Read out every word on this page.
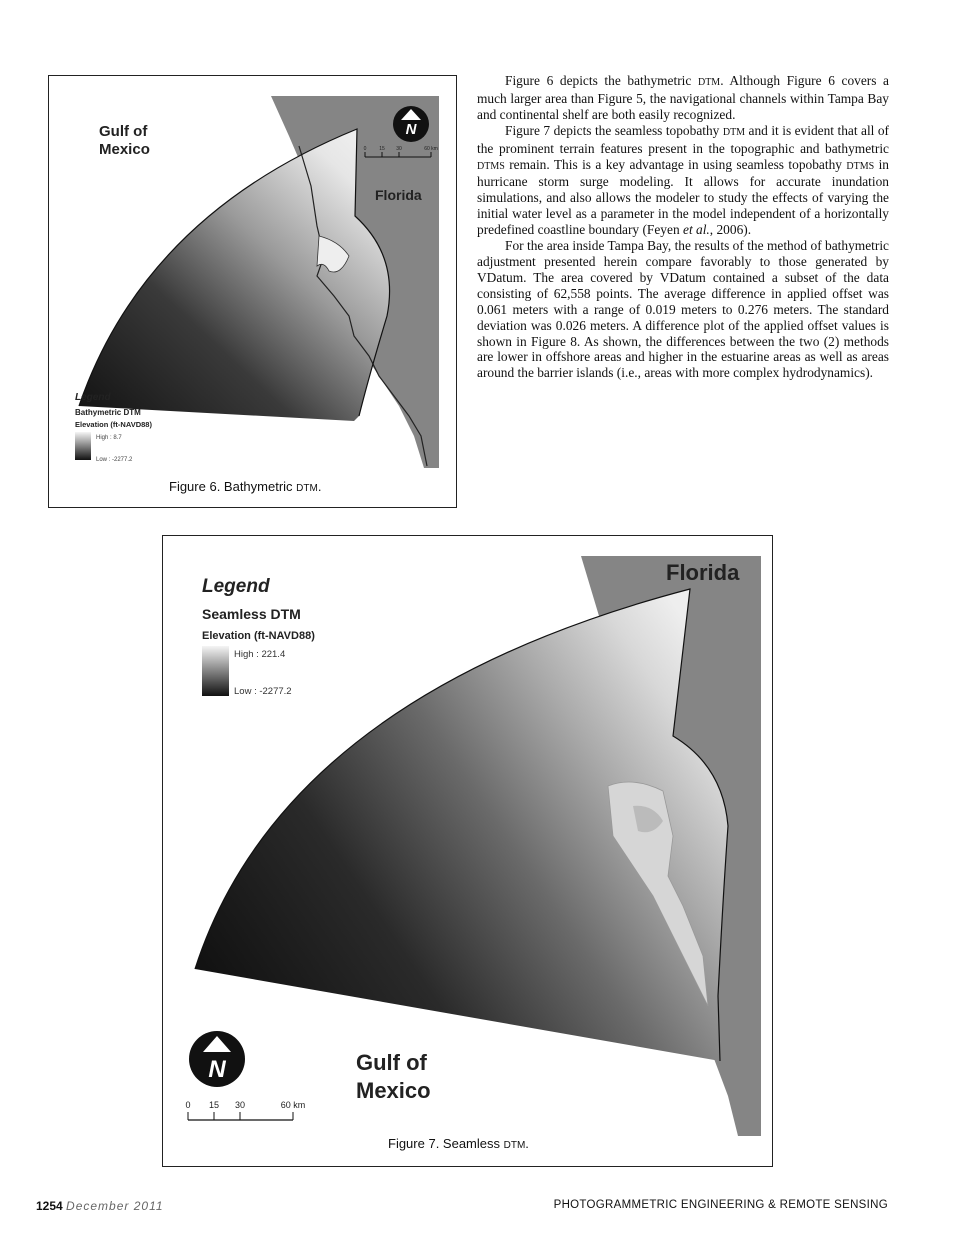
N
0	15 30	60 km
Gulf of
Mexico
Florida
Legend
Bathymetric DTM
Elevation (ft-NAVD88)
High : 8.7
Low : -2277.2
Figure 6. Bathymetric DTM.

Figure 6 depicts the bathymetric DTM. Although Figure 6 covers a much larger area than Figure 5, the navigational channels within Tampa Bay and continental shelf are both easily recognized.

Figure 7 depicts the seamless topobathy DTM and it is evident that all of the prominent terrain features present in the topographic and bathymetric DTMS remain. This is a key advantage in using seamless topobathy DTMS in hurricane storm surge modeling. It allows for accurate inundation simulations, and also allows the modeler to study the effects of varying the initial water level as a parameter in the model independent of a horizontally predefined coastline boundary (Feyen et al., 2006).

For the area inside Tampa Bay, the results of the method of bathymetric adjustment presented herein compare favorably to those generated by VDatum. The area covered by VDatum contained a subset of the data consisting of 62,558 points. The average difference in applied offset was 0.061 meters with a range of 0.019 meters to 0.276 meters. The standard deviation was 0.026 meters. A difference plot of the applied offset values is shown in Figure 8. As shown, the differences between the two (2) methods are lower in offshore areas and higher in the estuarine areas as well as areas around the barrier islands (i.e., areas with more complex hydrodynamics).

N
0 15 30	60 km
Florida
Gulf of
Mexico
Legend
Seamless DTM
Elevation (ft-NAVD88)
High : 221.4
Low : -2277.2
Figure 7. Seamless DTM.
1254 December 2011	PHOTOGRAMMETRIC ENGINEERING & REMOTE SENSING
